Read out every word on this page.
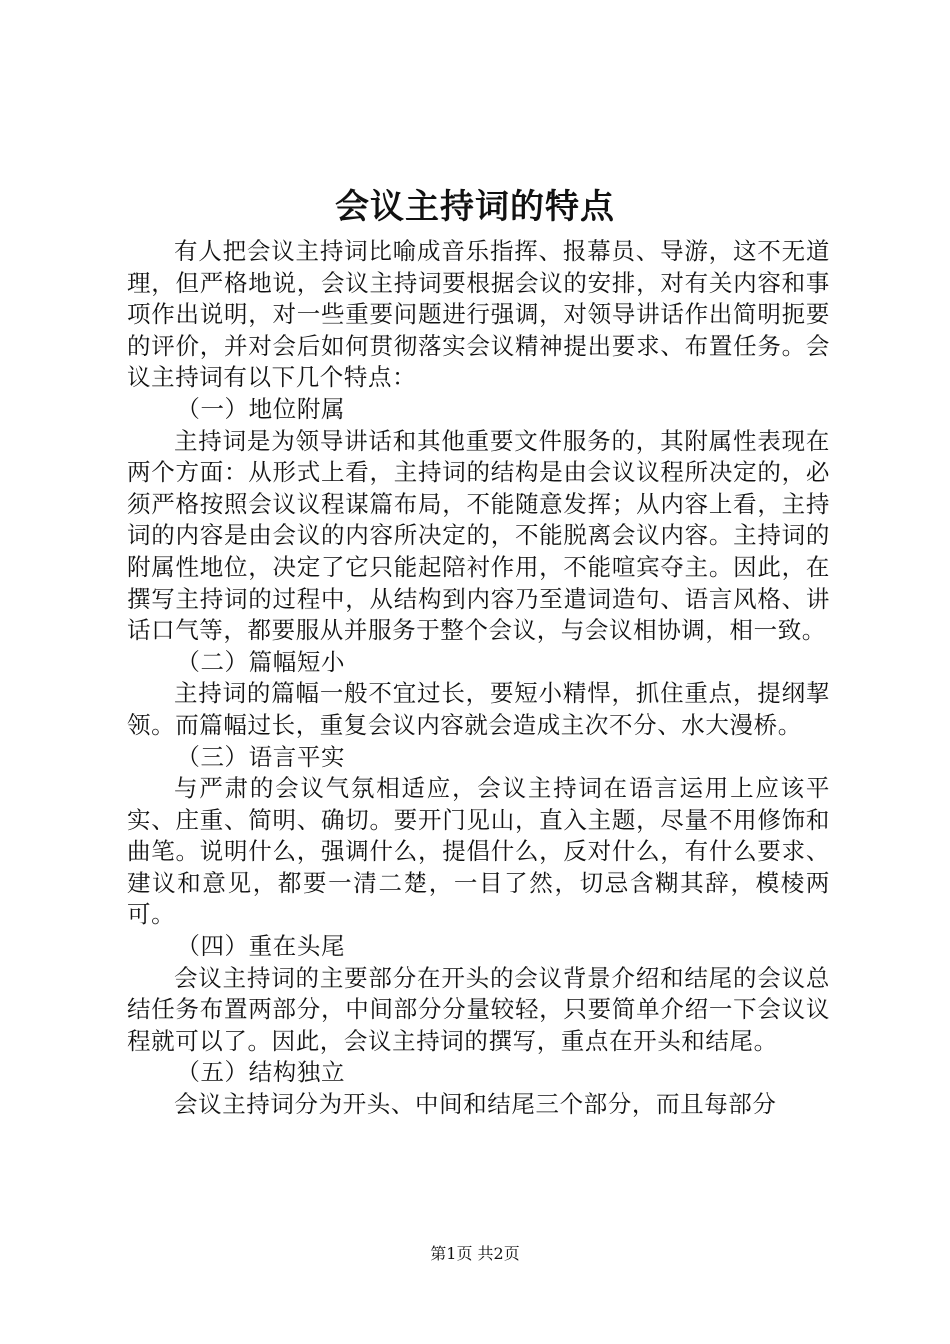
会议主持词的特点

有人把会议主持词比喻成音乐指挥、报幕员、导游，这不无道理，但严格地说，会议主持词要根据会议的安排，对有关内容和事项作出说明，对一些重要问题进行强调，对领导讲话作出简明扼要的评价，并对会后如何贯彻落实会议精神提出要求、布置任务。会议主持词有以下几个特点：

（一）地位附属

主持词是为领导讲话和其他重要文件服务的，其附属性表现在两个方面：从形式上看，主持词的结构是由会议议程所决定的，必须严格按照会议议程谋篇布局，不能随意发挥；从内容上看，主持词的内容是由会议的内容所决定的，不能脱离会议内容。主持词的附属性地位，决定了它只能起陪衬作用，不能喧宾夺主。因此，在撰写主持词的过程中，从结构到内容乃至遣词造句、语言风格、讲话口气等，都要服从并服务于整个会议，与会议相协调，相一致。

（二）篇幅短小

主持词的篇幅一般不宜过长，要短小精悍，抓住重点，提纲挈领。而篇幅过长，重复会议内容就会造成主次不分、水大漫桥。

（三）语言平实

与严肃的会议气氛相适应，会议主持词在语言运用上应该平实、庄重、简明、确切。要开门见山，直入主题，尽量不用修饰和曲笔。说明什么，强调什么，提倡什么，反对什么，有什么要求、建议和意见，都要一清二楚，一目了然，切忌含糊其辞，模棱两可。

（四）重在头尾

会议主持词的主要部分在开头的会议背景介绍和结尾的会议总结任务布置两部分，中间部分分量较轻，只要简单介绍一下会议议程就可以了。因此，会议主持词的撰写，重点在开头和结尾。

（五）结构独立

会议主持词分为开头、中间和结尾三个部分，而且每部分

第1页 共2页
